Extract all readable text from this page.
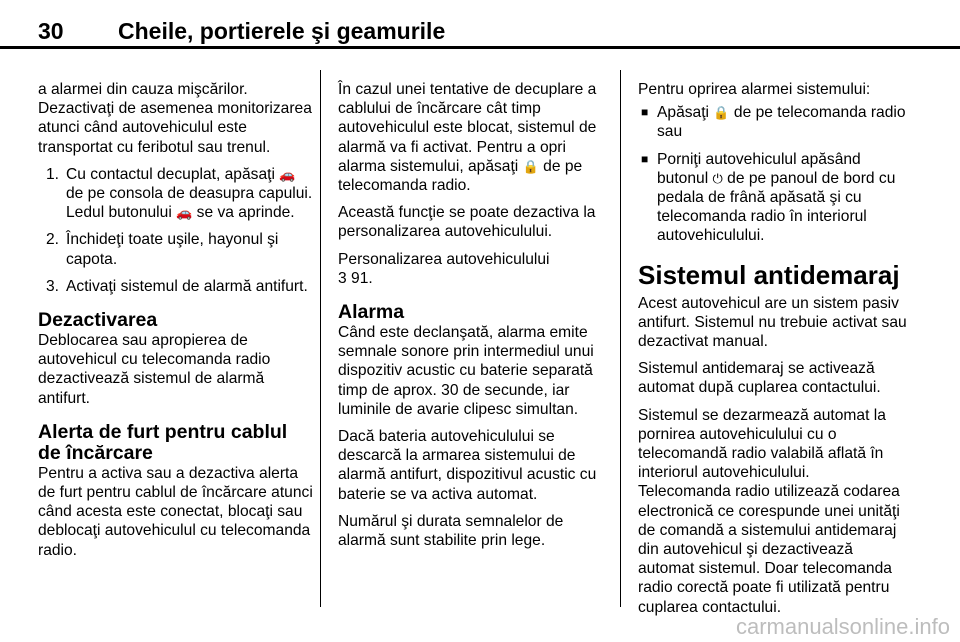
30 Cheile, portierele şi geamurile

a alarmei din cauza mişcărilor. Dezactivaţi de asemenea monitorizarea atunci când autovehiculul este transportat cu feribotul sau trenul.

1. Cu contactul decuplat, apăsaţi 🚗 de pe consola de deasupra capului. Ledul butonului 🚗 se va aprinde.
2. Închideţi toate uşile, hayonul şi capota.
3. Activaţi sistemul de alarmă antifurt.
Dezactivarea

Deblocarea sau apropierea de autovehicul cu telecomanda radio dezactivează sistemul de alarmă antifurt.

Alerta de furt pentru cablul de încărcare

Pentru a activa sau a dezactiva alerta de furt pentru cablul de încărcare atunci când acesta este conectat, blocaţi sau deblocaţi autovehiculul cu telecomanda radio.

În cazul unei tentative de decuplare a cablului de încărcare cât timp autovehiculul este blocat, sistemul de alarmă va fi activat. Pentru a opri alarma sistemului, apăsaţi 🔒 de pe telecomanda radio.

Această funcţie se poate dezactiva la personalizarea autovehiculului.

Personalizarea autovehiculului
3 91.

Alarma

Când este declanşată, alarma emite semnale sonore prin intermediul unui dispozitiv acustic cu baterie separată timp de aprox. 30 de secunde, iar luminile de avarie clipesc simultan.

Dacă bateria autovehiculului se descarcă la armarea sistemului de alarmă antifurt, dispozitivul acustic cu baterie se va activa automat.

Numărul şi durata semnalelor de alarmă sunt stabilite prin lege.

Pentru oprirea alarmei sistemului:

■ Apăsaţi 🔒 de pe telecomanda radio sau
■ Porniţi autovehiculul apăsând butonul ⏻ de pe panoul de bord cu pedala de frână apăsată şi cu telecomanda radio în interiorul autovehiculului.
Sistemul antidemaraj

Acest autovehicul are un sistem pasiv antifurt. Sistemul nu trebuie activat sau dezactivat manual.

Sistemul antidemaraj se activează automat după cuplarea contactului.

Sistemul se dezarmează automat la pornirea autovehiculului cu o telecomandă radio valabilă aflată în interiorul autovehiculului.

Telecomanda radio utilizează codarea electronică ce corespunde unei unităţi de comandă a sistemului antidemaraj din autovehicul şi dezactivează automat sistemul. Doar telecomanda radio corectă poate fi utilizată pentru cuplarea contactului.

carmanualsonline.info
